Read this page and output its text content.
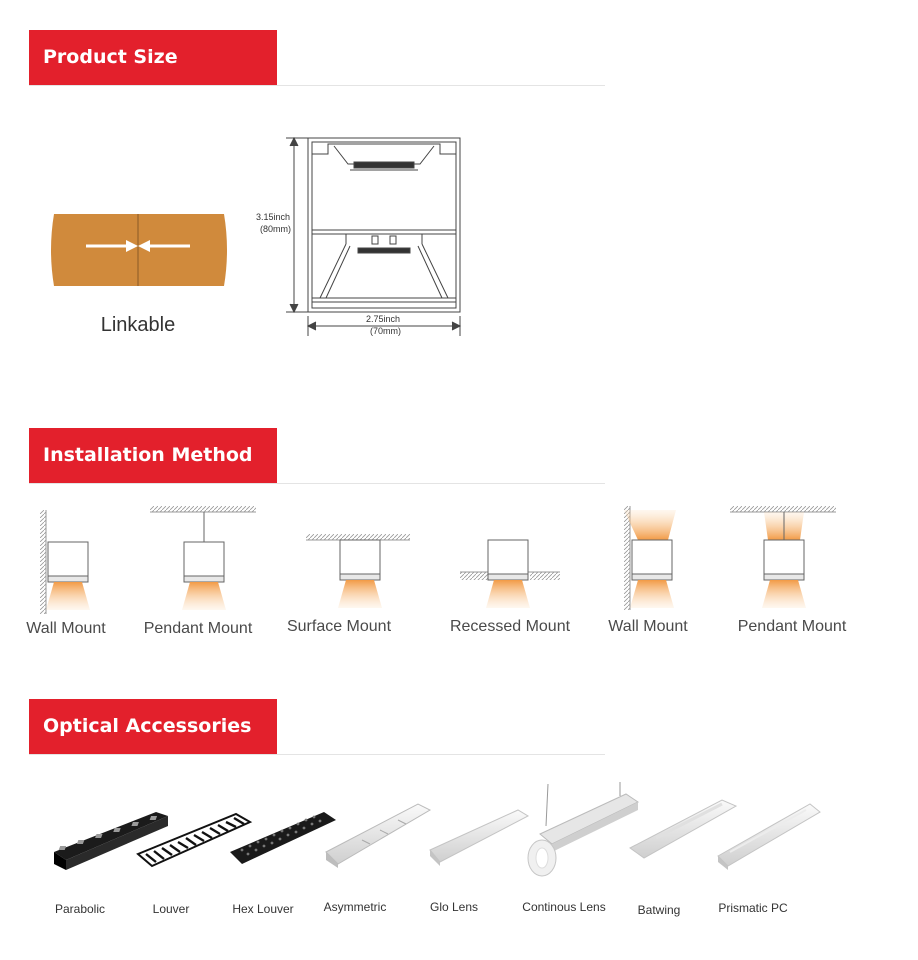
Product Size
Linkable
3.15inch
(80mm)
2.75inch
(70mm)
Installation Method
Wall Mount	Pendant Mount	Surface Mount	Recessed Mount	Wall Mount	Pendant Mount
Optical Accessories
Parabolic	Louver	Hex Louver	Asymmetric	Glo Lens	Continous Lens	Batwing	Prismatic PC
